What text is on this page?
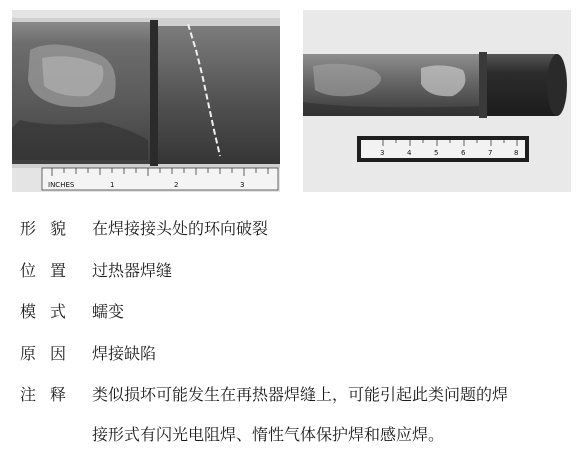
INCHES	1	2	3
3	4	5	6	7	8
形 貌 在焊接接头处的环向破裂
位 置 过热器焊缝
模 式 蠕变
原 因 焊接缺陷
注 释 类似损坏可能发生在再热器焊缝上，可能引起此类问题的焊
接形式有闪光电阻焊、惰性气体保护焊和感应焊。
